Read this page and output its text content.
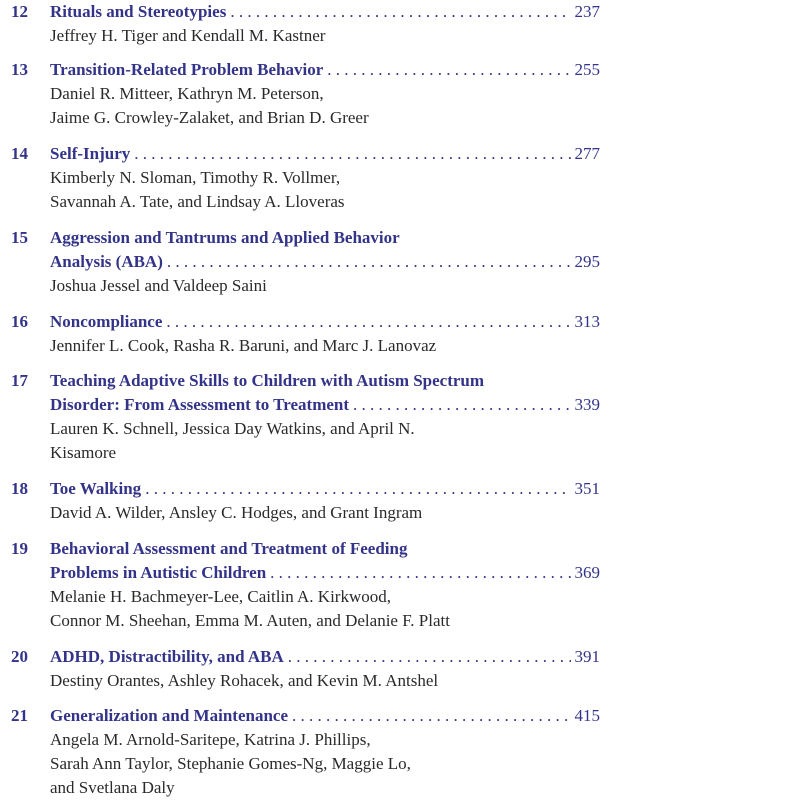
12	Rituals and Stereotypies . . .	237
Jeffrey H. Tiger and Kendall M. Kastner
13	Transition-Related Problem Behavior . . .	255
Daniel R. Mitteer, Kathryn M. Peterson,
Jaime G. Crowley-Zalaket, and Brian D. Greer
14	Self-Injury . . .	277
Kimberly N. Sloman, Timothy R. Vollmer,
Savannah A. Tate, and Lindsay A. Lloveras
15	Aggression and Tantrums and Applied Behavior
Analysis (ABA) . . .	295
Joshua Jessel and Valdeep Saini
16	Noncompliance . . .	313
Jennifer L. Cook, Rasha R. Baruni, and Marc J. Lanovaz
17	Teaching Adaptive Skills to Children with Autism Spectrum
Disorder: From Assessment to Treatment . . .	339
Lauren K. Schnell, Jessica Day Watkins, and April N.
Kisamore
18	Toe Walking . . .	351
David A. Wilder, Ansley C. Hodges, and Grant Ingram
19	Behavioral Assessment and Treatment of Feeding
Problems in Autistic Children . . .	369
Melanie H. Bachmeyer-Lee, Caitlin A. Kirkwood,
Connor M. Sheehan, Emma M. Auten, and Delanie F. Platt
20	ADHD, Distractibility, and ABA . . .	391
Destiny Orantes, Ashley Rohacek, and Kevin M. Antshel
21	Generalization and Maintenance . . .	415
Angela M. Arnold-Saritepe, Katrina J. Phillips,
Sarah Ann Taylor, Stephanie Gomes-Ng, Maggie Lo,
and Svetlana Daly
